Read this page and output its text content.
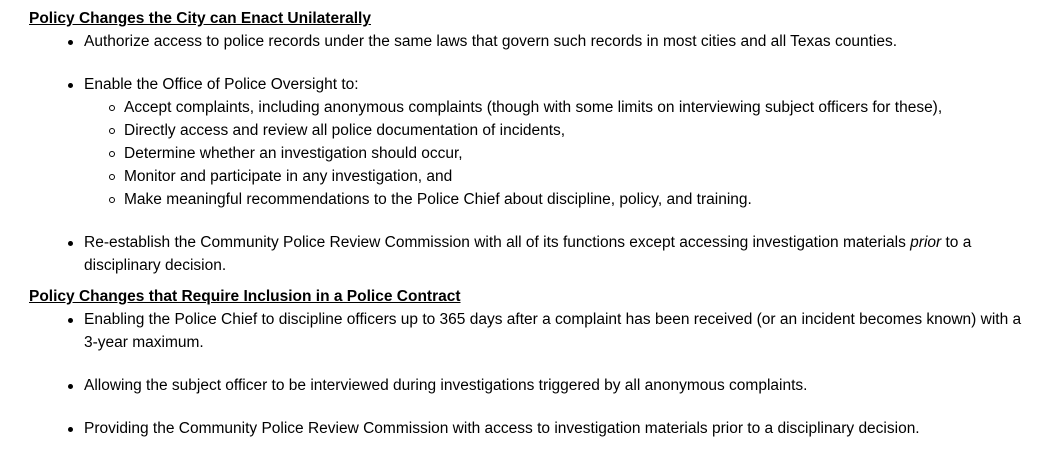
Policy Changes the City can Enact Unilaterally

Authorize access to police records under the same laws that govern such records in most cities and all Texas counties.
Enable the Office of Police Oversight to:
Accept complaints, including anonymous complaints (though with some limits on interviewing subject officers for these),
Directly access and review all police documentation of incidents,
Determine whether an investigation should occur,
Monitor and participate in any investigation, and
Make meaningful recommendations to the Police Chief about discipline, policy, and training.
Re-establish the Community Police Review Commission with all of its functions except accessing investigation materials prior to a disciplinary decision.

Policy Changes that Require Inclusion in a Police Contract

Enabling the Police Chief to discipline officers up to 365 days after a complaint has been received (or an incident becomes known) with a 3-year maximum.
Allowing the subject officer to be interviewed during investigations triggered by all anonymous complaints.
Providing the Community Police Review Commission with access to investigation materials prior to a disciplinary decision.
